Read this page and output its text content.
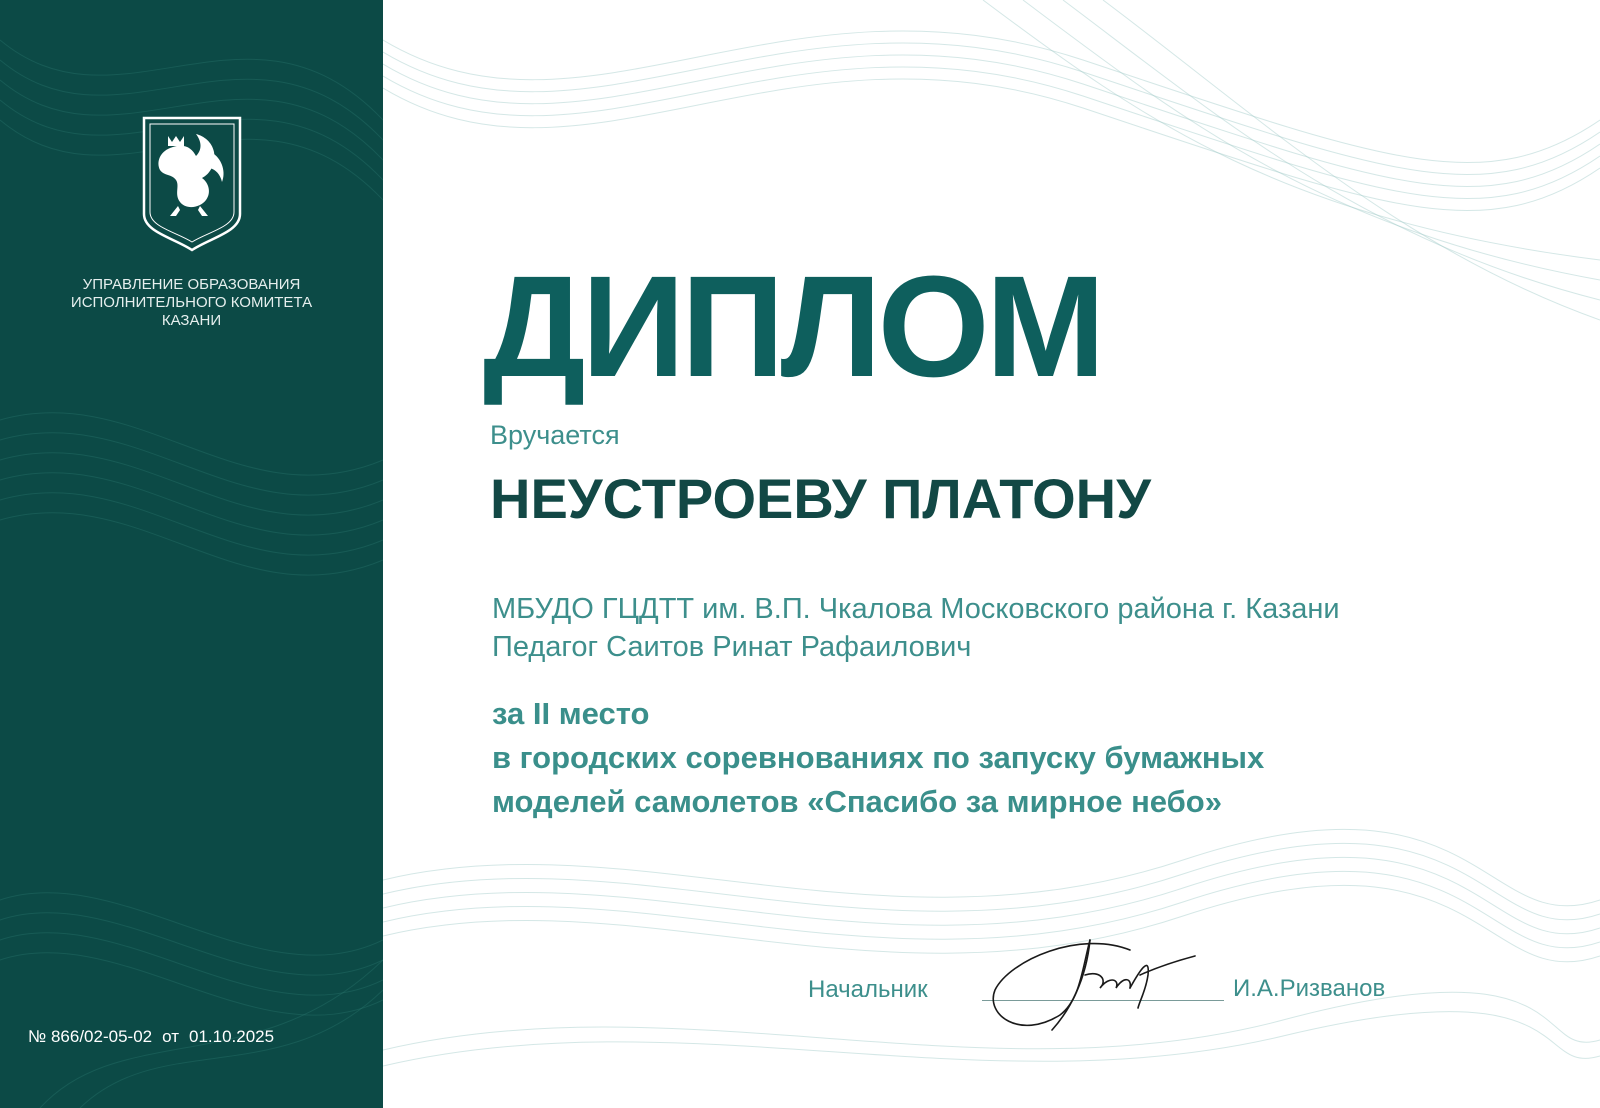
УПРАВЛЕНИЕ ОБРАЗОВАНИЯ
ИСПОЛНИТЕЛЬНОГО КОМИТЕТА
КАЗАНИ
№ 866/02-05-02 от 01.10.2025
ДИПЛОМ
Вручается
НЕУСТРОЕВУ ПЛАТОНУ
МБУДО ГЦДТТ им. В.П. Чкалова Московского района г. Казани
Педагог Саитов Ринат Рафаилович
за II место
в городских соревнованиях по запуску бумажных
моделей самолетов «Спасибо за мирное небо»
Начальник	И.А.Ризванов
